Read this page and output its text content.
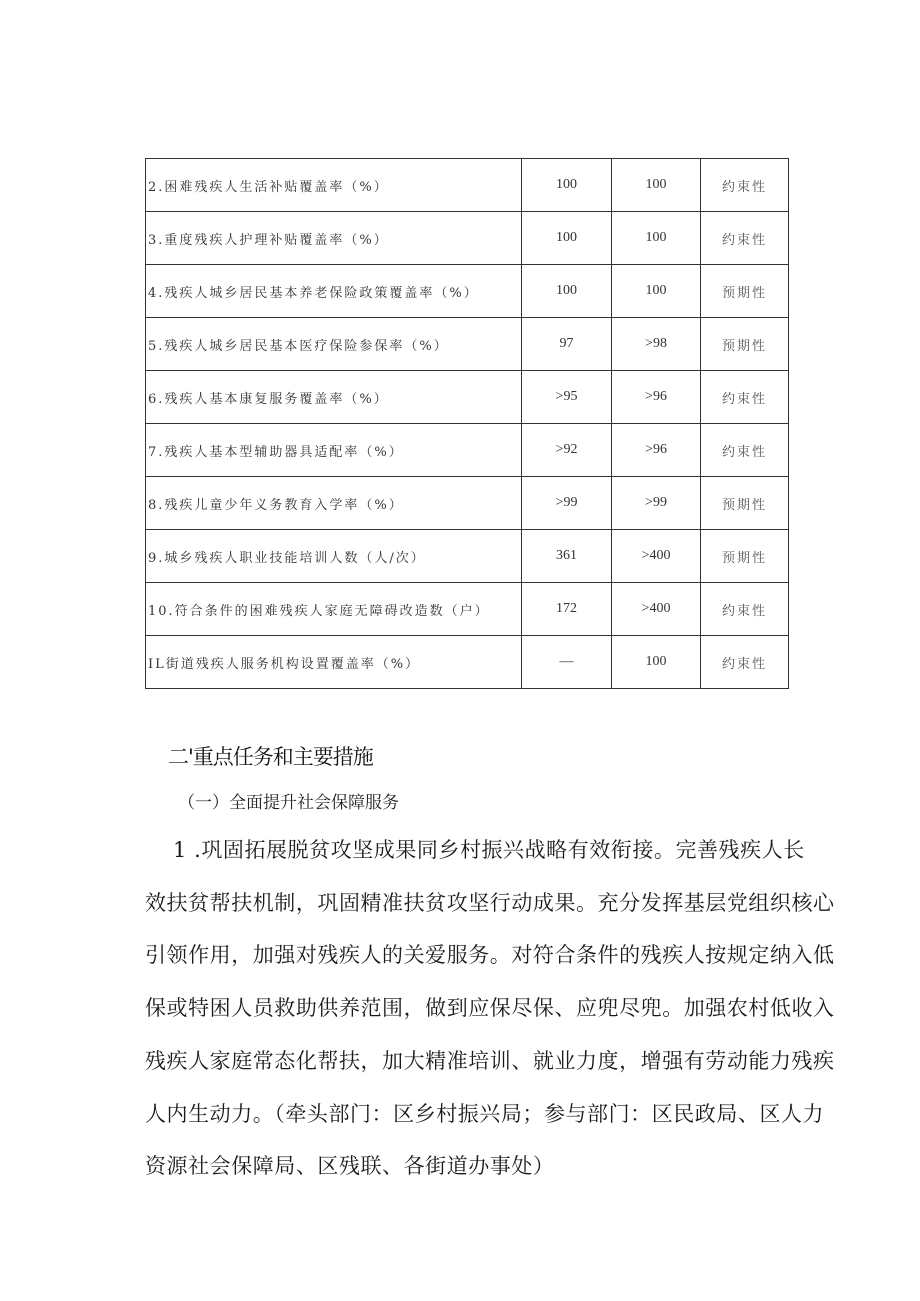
2.困难残疾人生活补贴覆盖率（%）	100	100	约束性
3.重度残疾人护理补贴覆盖率（%）	100	100	约束性
4.残疾人城乡居民基本养老保险政策覆盖率（%）	100	100	预期性
5.残疾人城乡居民基本医疗保险参保率（%）	97	>98	预期性
6.残疾人基本康复服务覆盖率（%）	>95	>96	约束性
7.残疾人基本型辅助器具适配率（%）	>92	>96	约束性
8.残疾儿童少年义务教育入学率（%）	>99	>99	预期性
9.城乡残疾人职业技能培训人数（人/次）	361	>400	预期性
10.符合条件的困难残疾人家庭无障碍改造数（户）	172	>400	约束性
IL街道残疾人服务机构设置覆盖率（%）	—	100	约束性
二'重点任务和主要措施
（一）全面提升社会保障服务

1 .巩固拓展脱贫攻坚成果同乡村振兴战略有效衔接。完善残疾人长
效扶贫帮扶机制，巩固精准扶贫攻坚行动成果。充分发挥基层党组织核心
引领作用，加强对残疾人的关爱服务。对符合条件的残疾人按规定纳入低
保或特困人员救助供养范围，做到应保尽保、应兜尽兜。加强农村低收入
残疾人家庭常态化帮扶，加大精准培训、就业力度，增强有劳动能力残疾
人内生动力。（牵头部门：区乡村振兴局；参与部门：区民政局、区人力
资源社会保障局、区残联、各街道办事处）
